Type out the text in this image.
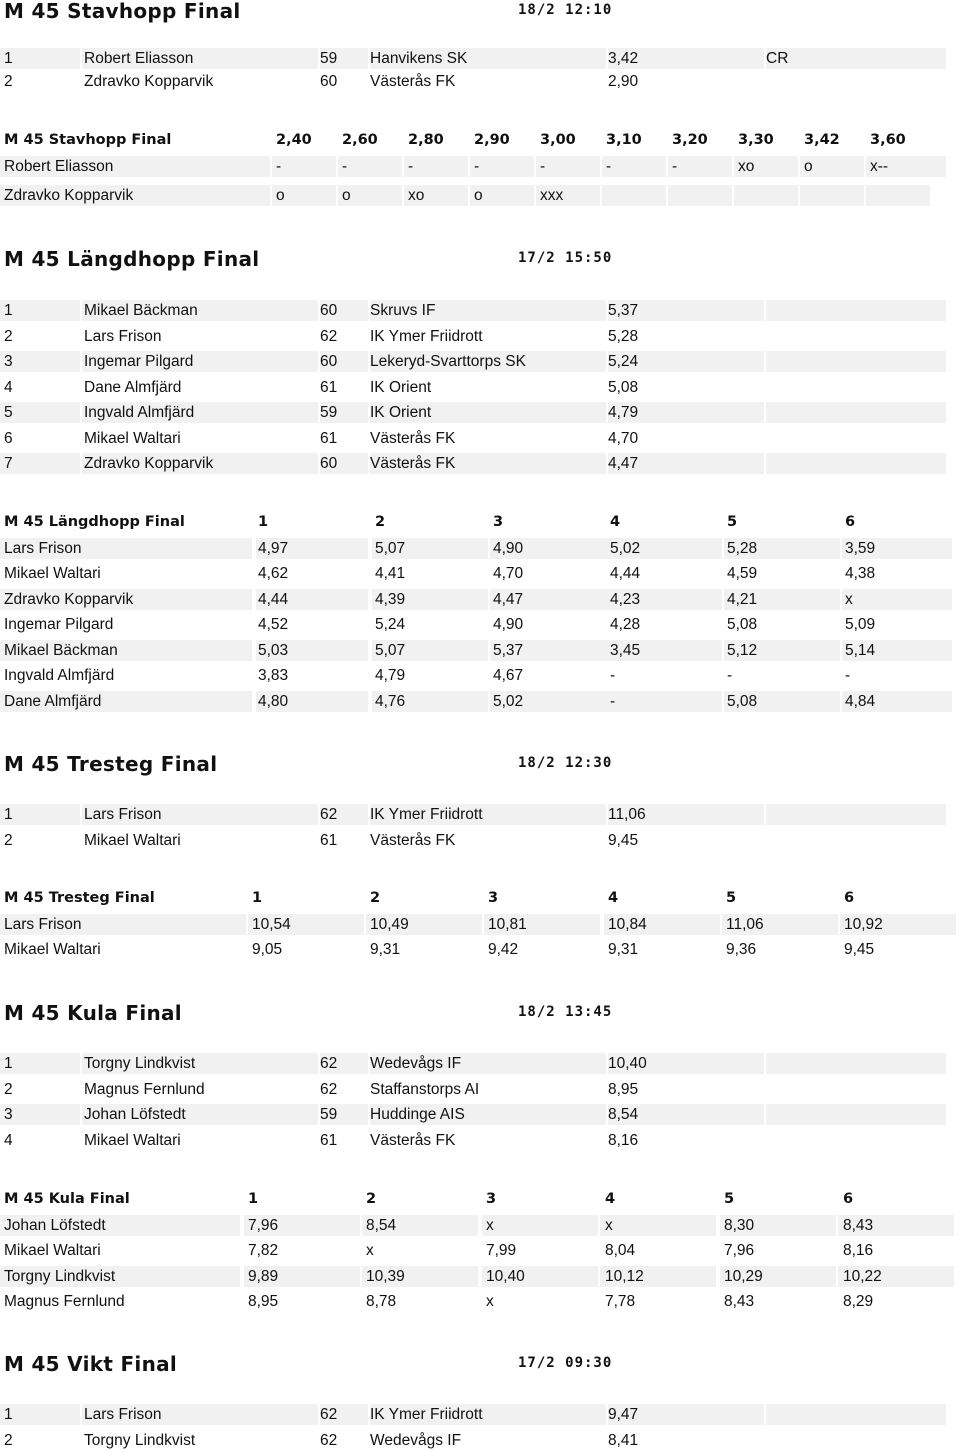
M 45 Stavhopp Final	18/2 12:10
1	Robert Eliasson	59 Hanvikens SK	3,42	CR
2	Zdravko Kopparvik	60 Västerås FK	2,90
M 45 Stavhopp Final	2,40 2,60 2,80 2,90 3,00 3,10 3,20 3,30 3,42 3,60
Robert Eliasson	-	-	-	-	-	-	-	xo	o	x--
Zdravko Kopparvik	o	o	xo	o	xxx
M 45 Längdhopp Final	17/2 15:50
1	Mikael Bäckman	60 Skruvs IF	5,37
2	Lars Frison	62 IK Ymer Friidrott	5,28
3	Ingemar Pilgard	60 Lekeryd-Svarttorps SK	5,24
4	Dane Almfjärd	61 IK Orient	5,08
5	Ingvald Almfjärd	59 IK Orient	4,79
6	Mikael Waltari	61 Västerås FK	4,70
7	Zdravko Kopparvik	60 Västerås FK	4,47
M 45 Längdhopp Final	1	2	3	4	5	6
Lars Frison	4,97	5,07	4,90	5,02	5,28	3,59
Mikael Waltari	4,62	4,41	4,70	4,44	4,59	4,38
Zdravko Kopparvik	4,44	4,39	4,47	4,23	4,21	x
Ingemar Pilgard	4,52	5,24	4,90	4,28	5,08	5,09
Mikael Bäckman	5,03	5,07	5,37	3,45	5,12	5,14
Ingvald Almfjärd	3,83	4,79	4,67	-	-	-
Dane Almfjärd	4,80	4,76	5,02	-	5,08	4,84
M 45 Tresteg Final	18/2 12:30
1	Lars Frison	62 IK Ymer Friidrott	11,06
2	Mikael Waltari	61 Västerås FK	9,45
M 45 Tresteg Final	1	2	3	4	5	6
Lars Frison	10,54	10,49	10,81	10,84	11,06	10,92
Mikael Waltari	9,05	9,31	9,42	9,31	9,36	9,45
M 45 Kula Final	18/2 13:45
1	Torgny Lindkvist	62 Wedevågs IF	10,40
2	Magnus Fernlund	62 Staffanstorps AI	8,95
3	Johan Löfstedt	59 Huddinge AIS	8,54
4	Mikael Waltari	61 Västerås FK	8,16
M 45 Kula Final	1	2	3	4	5	6
Johan Löfstedt	7,96	8,54	x	x	8,30	8,43
Mikael Waltari	7,82	x	7,99	8,04	7,96	8,16
Torgny Lindkvist	9,89	10,39	10,40	10,12	10,29	10,22
Magnus Fernlund	8,95	8,78	x	7,78	8,43	8,29
M 45 Vikt Final	17/2 09:30
1	Lars Frison	62 IK Ymer Friidrott	9,47
2	Torgny Lindkvist	62 Wedevågs IF	8,41
